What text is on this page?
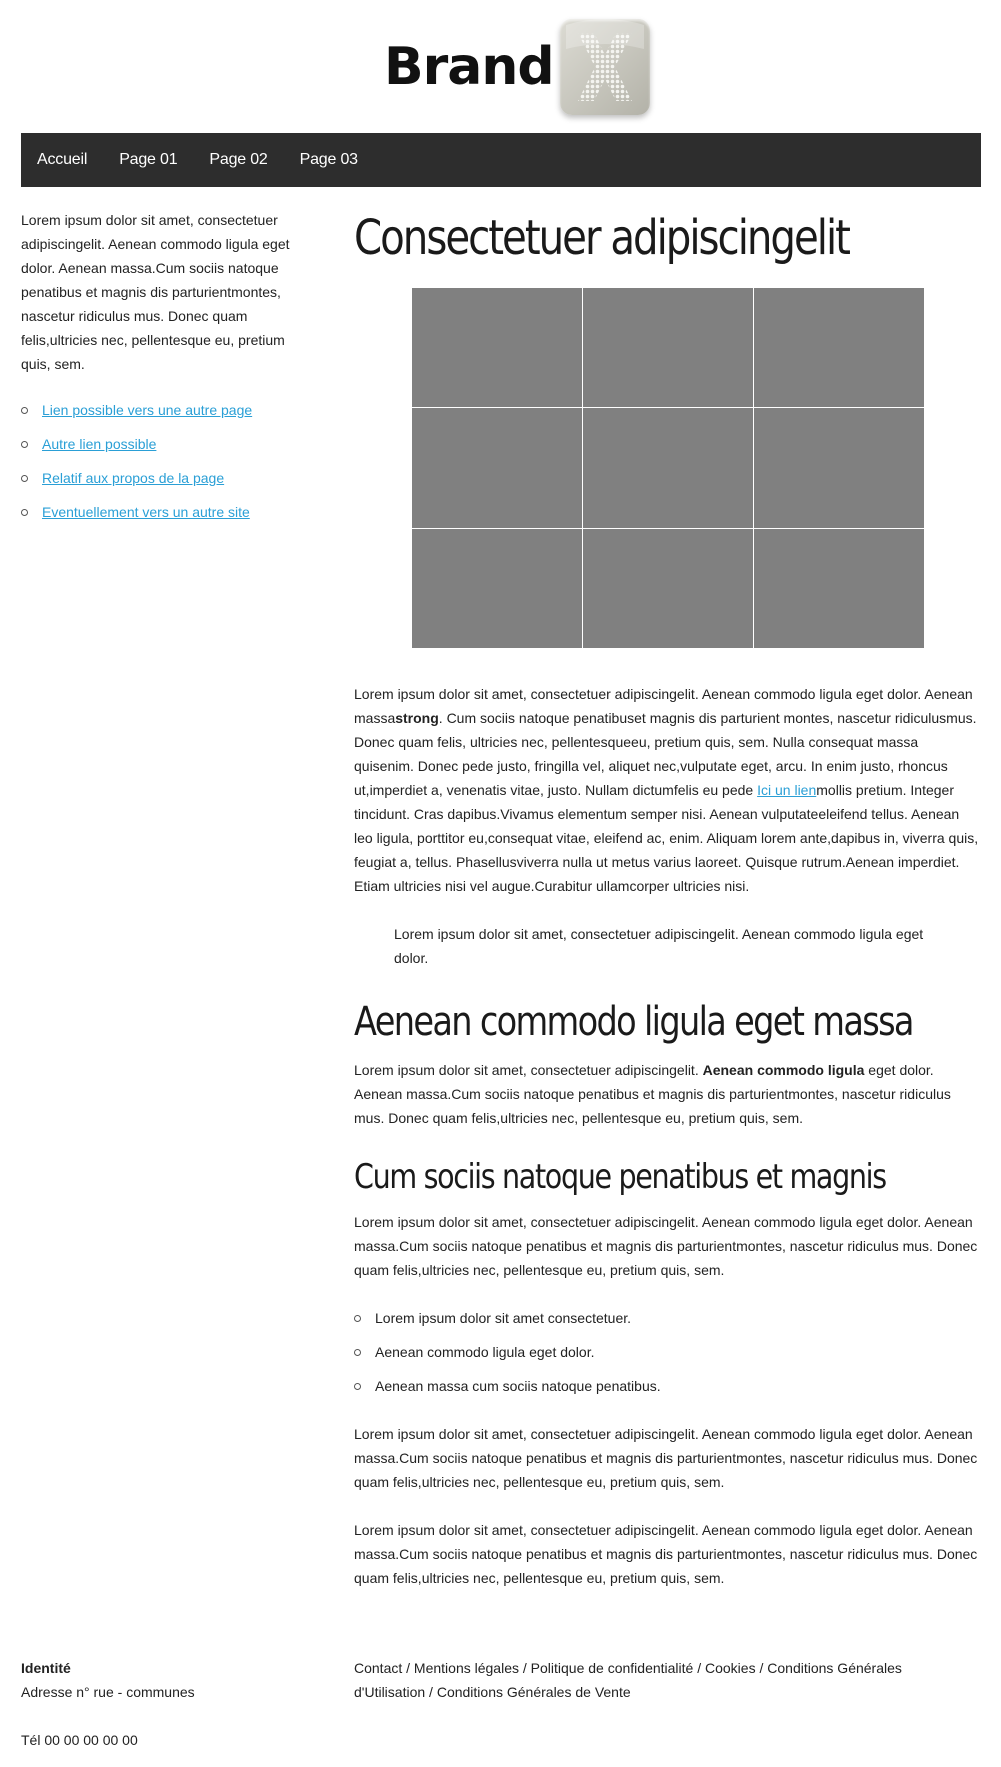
Brand
Accueil Page 01 Page 02 Page 03

Lorem ipsum dolor sit amet, consectetuer adipiscingelit. Aenean commodo ligula eget dolor. Aenean massa.Cum sociis natoque penatibus et magnis dis parturientmontes, nascetur ridiculus mus. Donec quam felis,ultricies nec, pellentesque eu, pretium quis, sem.

Lien possible vers une autre page
Autre lien possible
Relatif aux propos de la page
Eventuellement vers un autre site
Consectetuer adipiscingelit

Lorem ipsum dolor sit amet, consectetuer adipiscingelit. Aenean commodo ligula eget dolor. Aenean massastrong. Cum sociis natoque penatibuset magnis dis parturient montes, nascetur ridiculusmus. Donec quam felis, ultricies nec, pellentesqueeu, pretium quis, sem. Nulla consequat massa quisenim. Donec pede justo, fringilla vel, aliquet nec,vulputate eget, arcu. In enim justo, rhoncus ut,imperdiet a, venenatis vitae, justo. Nullam dictumfelis eu pede Ici un lienmollis pretium. Integer tincidunt. Cras dapibus.Vivamus elementum semper nisi. Aenean vulputateeleifend tellus. Aenean leo ligula, porttitor eu,consequat vitae, eleifend ac, enim. Aliquam lorem ante,dapibus in, viverra quis, feugiat a, tellus. Phasellusviverra nulla ut metus varius laoreet. Quisque rutrum.Aenean imperdiet. Etiam ultricies nisi vel augue.Curabitur ullamcorper ultricies nisi.

Lorem ipsum dolor sit amet, consectetuer adipiscingelit. Aenean commodo ligula eget dolor.
Aenean commodo ligula eget massa

Lorem ipsum dolor sit amet, consectetuer adipiscingelit. Aenean commodo ligula eget dolor. Aenean massa.Cum sociis natoque penatibus et magnis dis parturientmontes, nascetur ridiculus mus. Donec quam felis,ultricies nec, pellentesque eu, pretium quis, sem.

Cum sociis natoque penatibus et magnis

Lorem ipsum dolor sit amet, consectetuer adipiscingelit. Aenean commodo ligula eget dolor. Aenean massa.Cum sociis natoque penatibus et magnis dis parturientmontes, nascetur ridiculus mus. Donec quam felis,ultricies nec, pellentesque eu, pretium quis, sem.

Lorem ipsum dolor sit amet consectetuer.
Aenean commodo ligula eget dolor.
Aenean massa cum sociis natoque penatibus.

Lorem ipsum dolor sit amet, consectetuer adipiscingelit. Aenean commodo ligula eget dolor. Aenean massa.Cum sociis natoque penatibus et magnis dis parturientmontes, nascetur ridiculus mus. Donec quam felis,ultricies nec, pellentesque eu, pretium quis, sem.

Lorem ipsum dolor sit amet, consectetuer adipiscingelit. Aenean commodo ligula eget dolor. Aenean massa.Cum sociis natoque penatibus et magnis dis parturientmontes, nascetur ridiculus mus. Donec quam felis,ultricies nec, pellentesque eu, pretium quis, sem.

Identité
Adresse n° rue - communes
Tél 00 00 00 00 00
Contact / Mentions légales / Politique de confidentialité / Cookies / Conditions Générales d'Utilisation / Conditions Générales de Vente
